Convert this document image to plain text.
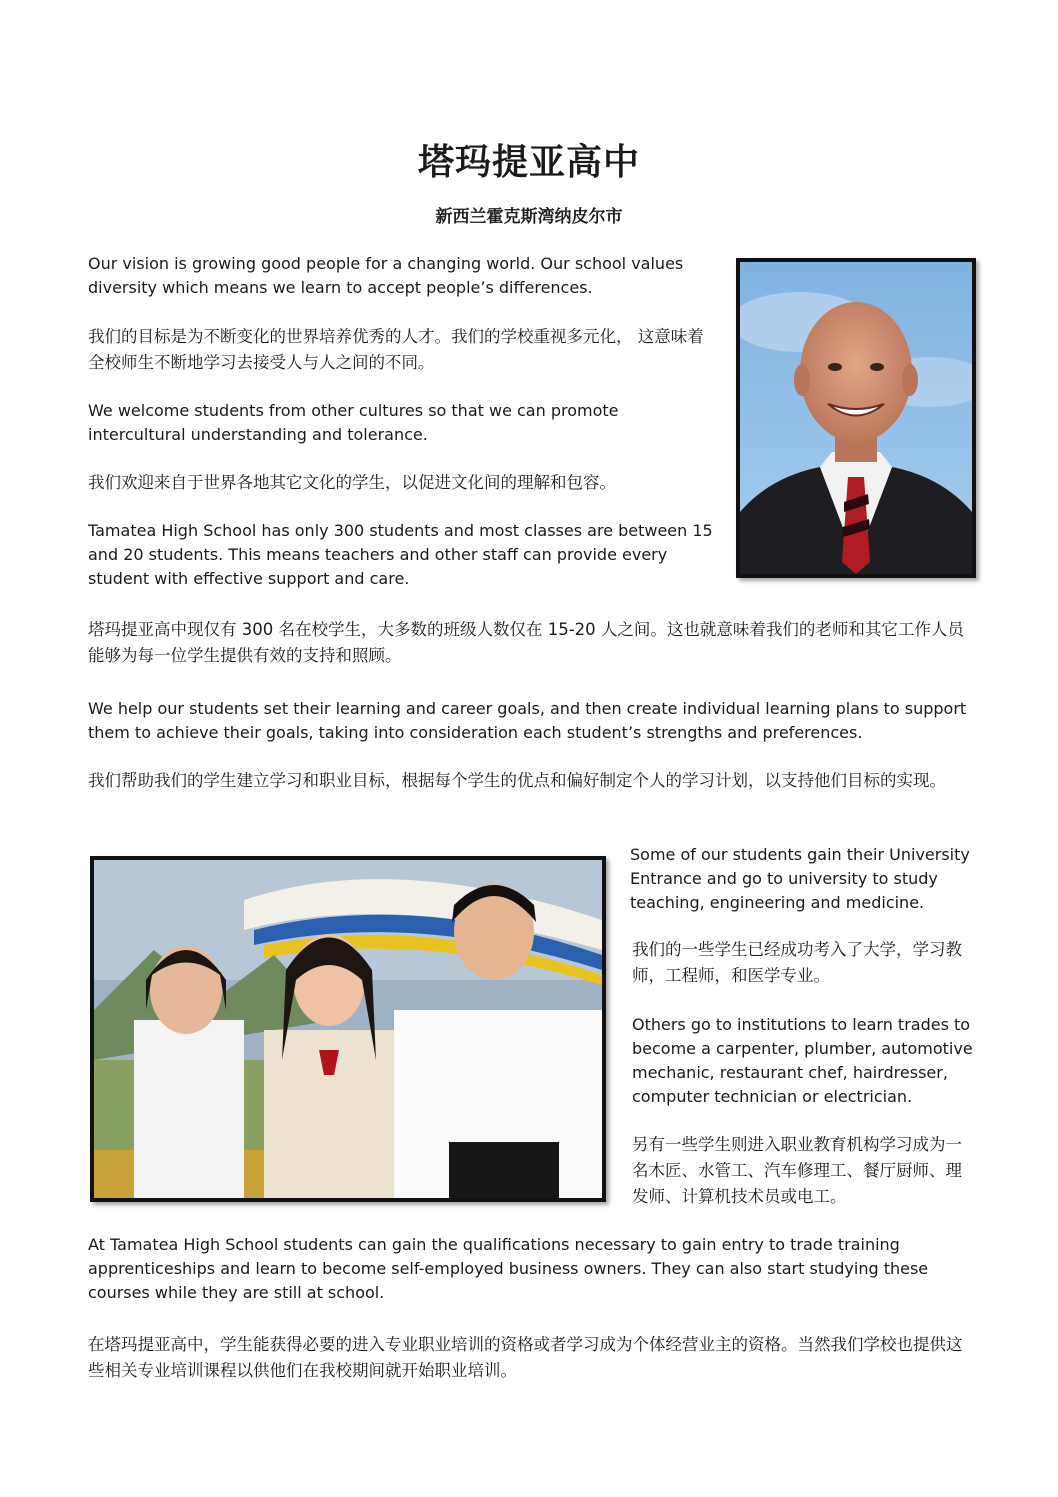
塔玛提亚高中
新西兰霍克斯湾纳皮尔市

Our vision is growing good people for a changing world. Our school values diversity which means we learn to accept people’s differences.

我们的目标是为不断变化的世界培养优秀的人才。我们的学校重视多元化， 这意味着全校师生不断地学习去接受人与人之间的不同。

We welcome students from other cultures so that we can promote intercultural understanding and tolerance.

我们欢迎来自于世界各地其它文化的学生，以促进文化间的理解和包容。

Tamatea High School has only 300 students and most classes are between 15 and 20 students. This means teachers and other staff can provide every student with effective support and care.

塔玛提亚高中现仅有 300 名在校学生，大多数的班级人数仅在 15-20 人之间。这也就意味着我们的老师和其它工作人员能够为每一位学生提供有效的支持和照顾。

We help our students set their learning and career goals, and then create individual learning plans to support them to achieve their goals, taking into consideration each student’s strengths and preferences.

我们帮助我们的学生建立学习和职业目标，根据每个学生的优点和偏好制定个人的学习计划，以支持他们目标的实现。

Some of our students gain their University Entrance and go to university to study teaching, engineering and medicine.

我们的一些学生已经成功考入了大学，学习教师，工程师，和医学专业。

Others go to institutions to learn trades to become a carpenter, plumber, automotive mechanic, restaurant chef, hairdresser, computer technician or electrician.

另有一些学生则进入职业教育机构学习成为一名木匠、水管工、汽车修理工、餐厅厨师、理发师、计算机技术员或电工。

At Tamatea High School students can gain the qualifications necessary to gain entry to trade training apprenticeships and learn to become self-employed business owners. They can also start studying these courses while they are still at school.

在塔玛提亚高中，学生能获得必要的进入专业职业培训的资格或者学习成为个体经营业主的资格。当然我们学校也提供这些相关专业培训课程以供他们在我校期间就开始职业培训。
